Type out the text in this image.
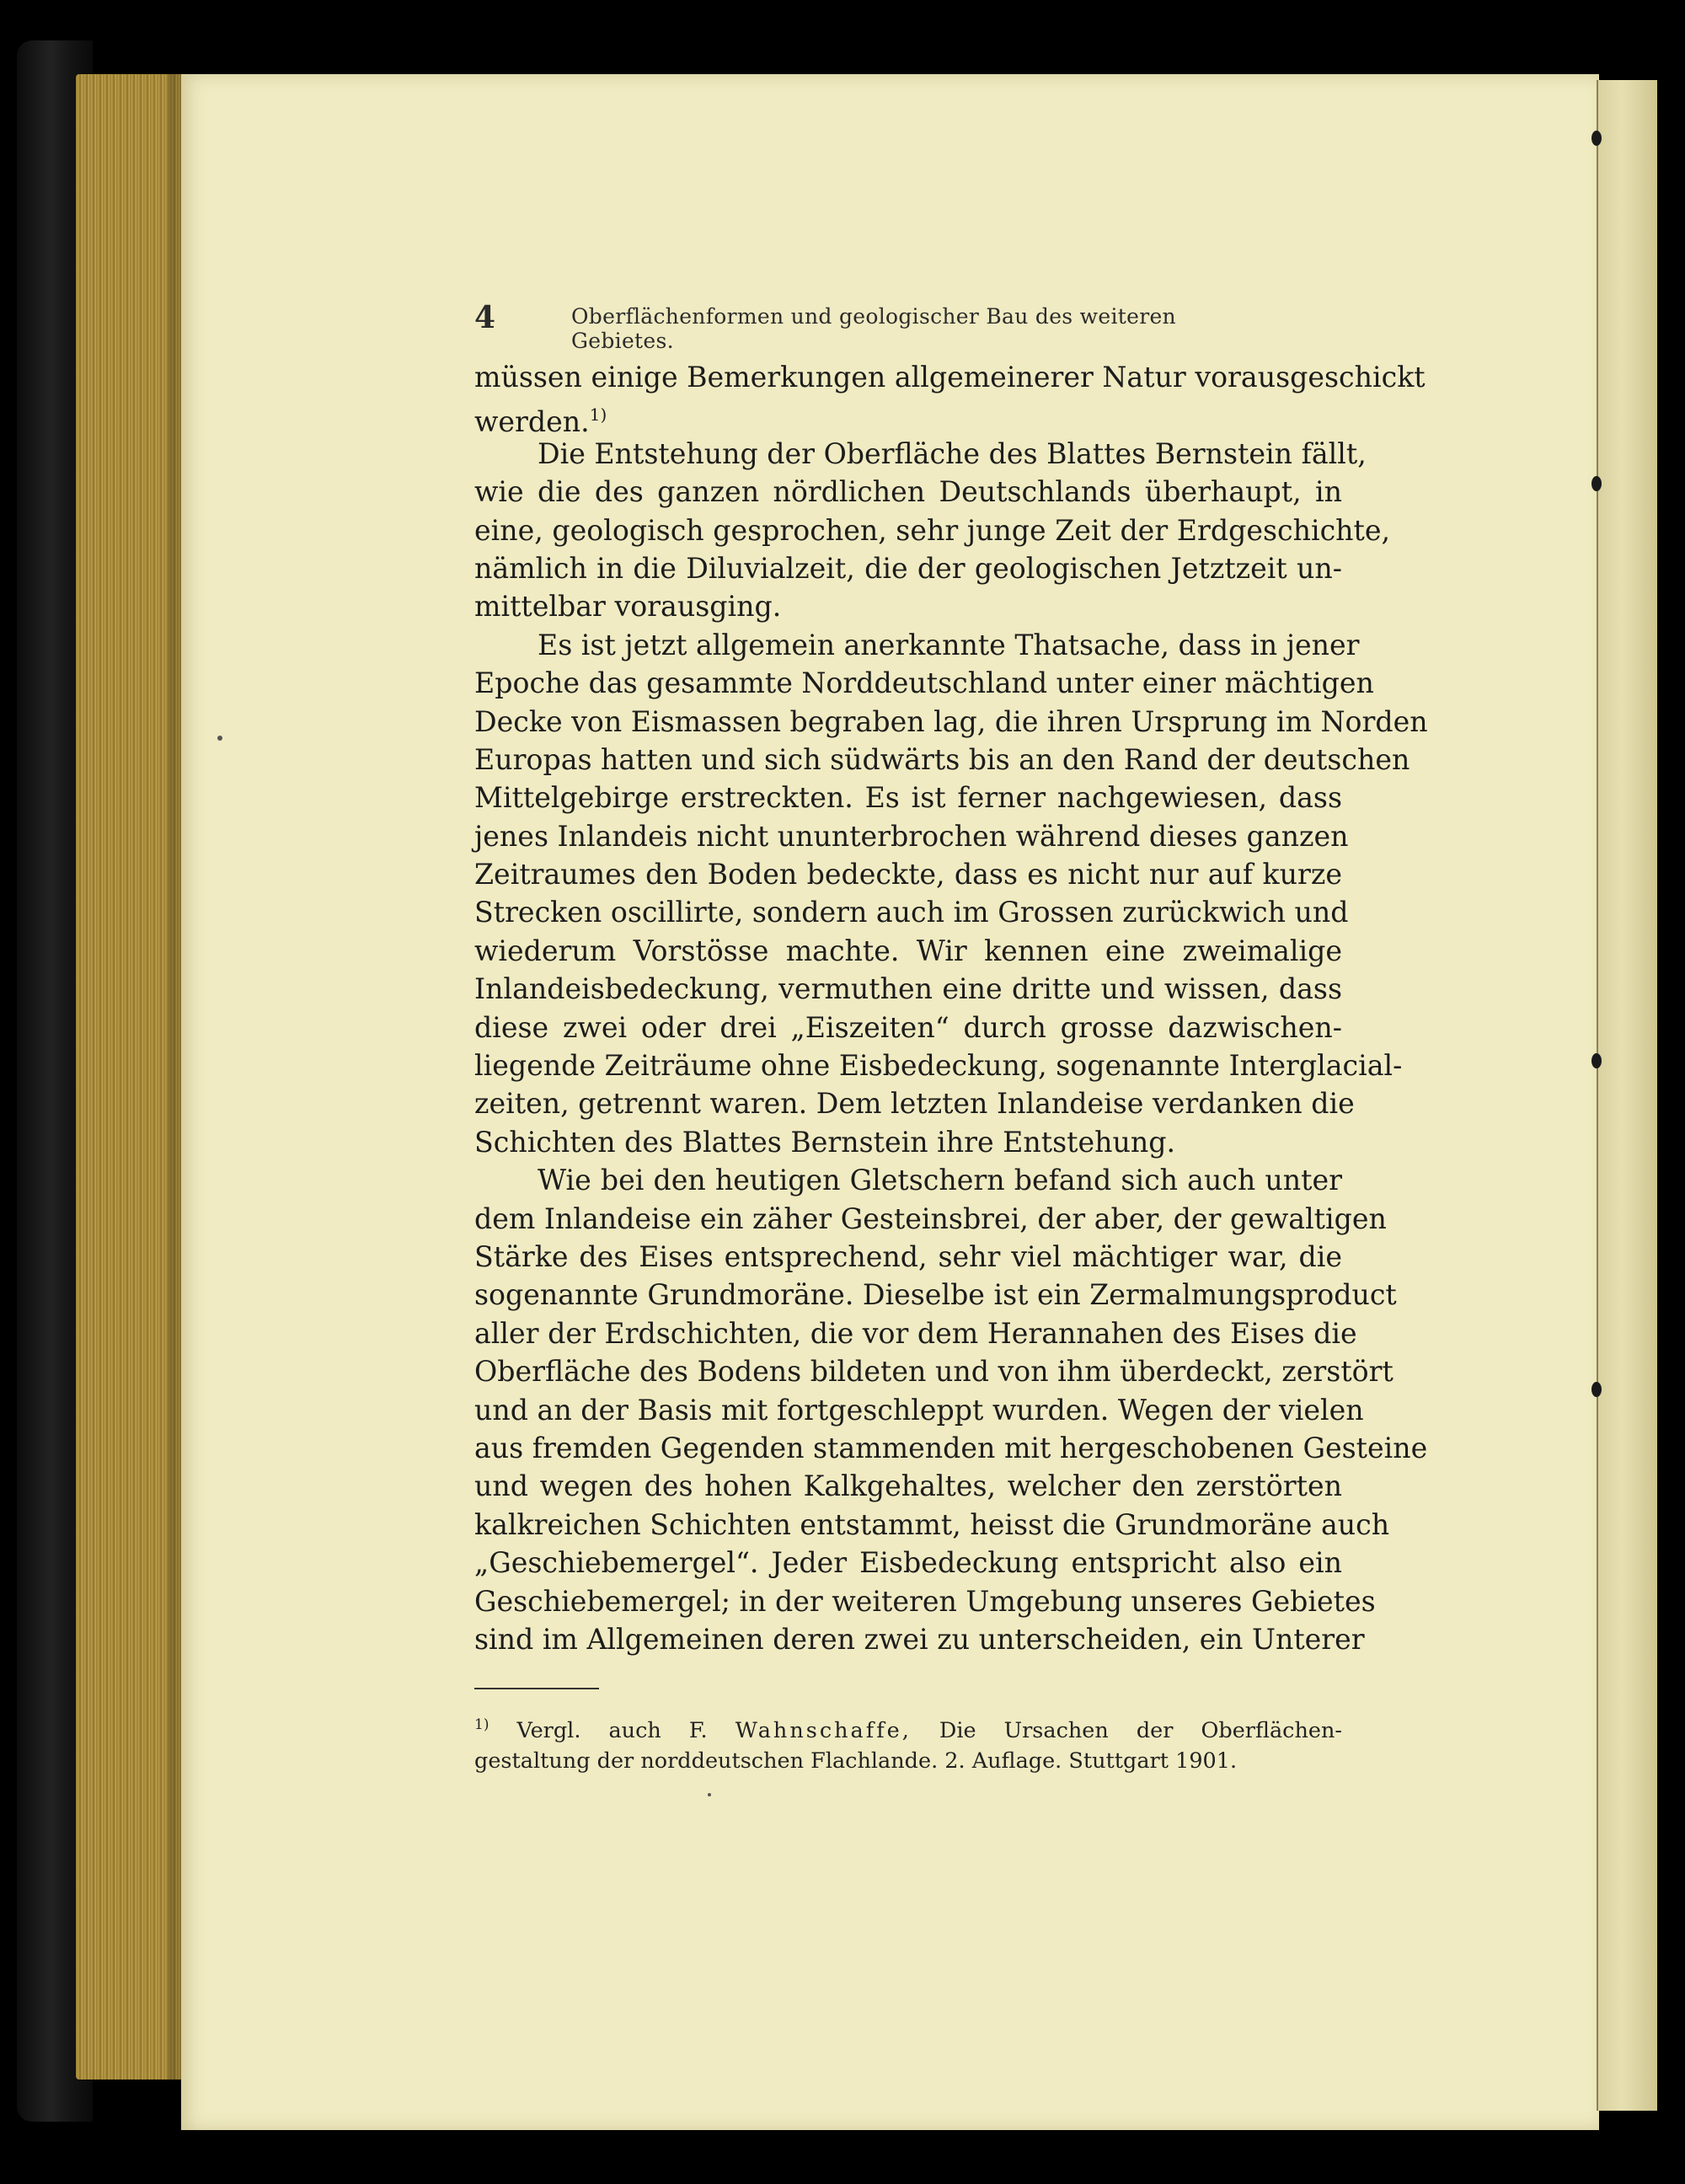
4	Oberflächenformen und geologischer Bau des weiteren Gebietes.
müssen einige Bemerkungen allgemeinerer Natur vorausgeschickt
werden.$^{1)}$
Die Entstehung der Oberfläche des Blattes Bernstein fällt,
wie die des ganzen nördlichen Deutschlands überhaupt, in
eine, geologisch gesprochen, sehr junge Zeit der Erdgeschichte,
nämlich in die Diluvialzeit, die der geologischen Jetztzeit un-
mittelbar vorausging.
Es ist jetzt allgemein anerkannte Thatsache, dass in jener
Epoche das gesammte Norddeutschland unter einer mächtigen
Decke von Eismassen begraben lag, die ihren Ursprung im Norden
Europas hatten und sich südwärts bis an den Rand der deutschen
Mittelgebirge erstreckten. Es ist ferner nachgewiesen, dass
jenes Inlandeis nicht ununterbrochen während dieses ganzen
Zeitraumes den Boden bedeckte, dass es nicht nur auf kurze
Strecken oscillirte, sondern auch im Grossen zurückwich und
wiederum Vorstösse machte. Wir kennen eine zweimalige
Inlandeisbedeckung, vermuthen eine dritte und wissen, dass
diese zwei oder drei „Eiszeiten“ durch grosse dazwischen-
liegende Zeiträume ohne Eisbedeckung, sogenannte Interglacial-
zeiten, getrennt waren. Dem letzten Inlandeise verdanken die
Schichten des Blattes Bernstein ihre Entstehung.
Wie bei den heutigen Gletschern befand sich auch unter
dem Inlandeise ein zäher Gesteinsbrei, der aber, der gewaltigen
Stärke des Eises entsprechend, sehr viel mächtiger war, die
sogenannte Grundmoräne. Dieselbe ist ein Zermalmungsproduct
aller der Erdschichten, die vor dem Herannahen des Eises die
Oberfläche des Bodens bildeten und von ihm überdeckt, zerstört
und an der Basis mit fortgeschleppt wurden. Wegen der vielen
aus fremden Gegenden stammenden mit hergeschobenen Gesteine
und wegen des hohen Kalkgehaltes, welcher den zerstörten
kalkreichen Schichten entstammt, heisst die Grundmoräne auch
„Geschiebemergel“. Jeder Eisbedeckung entspricht also ein
Geschiebemergel; in der weiteren Umgebung unseres Gebietes
sind im Allgemeinen deren zwei zu unterscheiden, ein Unterer
$^{1)}$ Vergl. auch F. Wahnschaffe, Die Ursachen der Oberflächen-
gestaltung der norddeutschen Flachlande. 2. Auflage. Stuttgart 1901.
